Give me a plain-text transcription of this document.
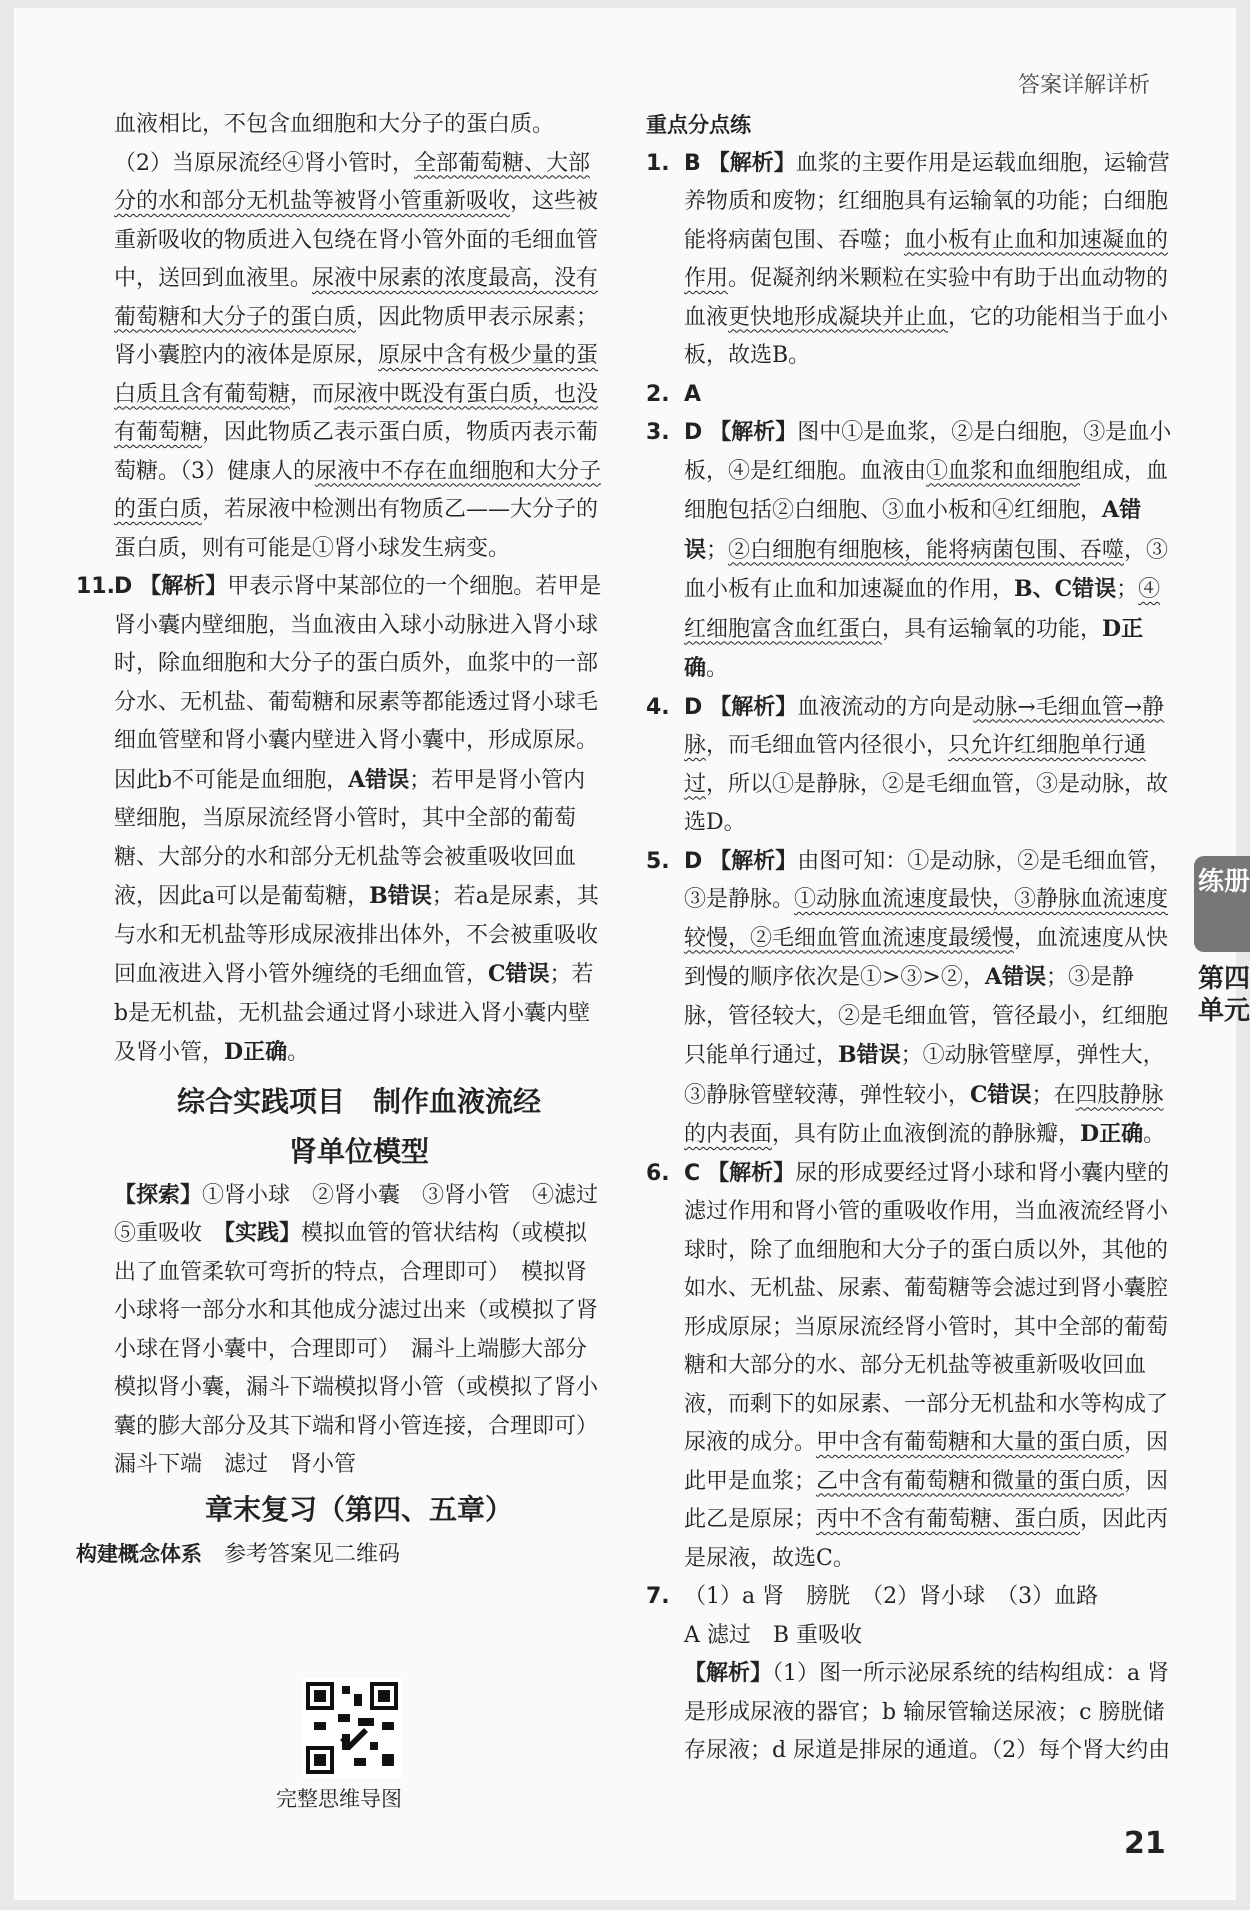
答案详解详析

血液相比，不包含血细胞和大分子的蛋白质。
（2）当原尿流经④肾小管时，全部葡萄糖、大部分的水和部分无机盐等被肾小管重新吸收，这些被重新吸收的物质进入包绕在肾小管外面的毛细血管中，送回到血液里。尿液中尿素的浓度最高，没有葡萄糖和大分子的蛋白质，因此物质甲表示尿素；肾小囊腔内的液体是原尿，原尿中含有极少量的蛋白质且含有葡萄糖，而尿液中既没有蛋白质，也没有葡萄糖，因此物质乙表示蛋白质，物质丙表示葡萄糖。（3）健康人的尿液中不存在血细胞和大分子的蛋白质，若尿液中检测出有物质乙——大分子的蛋白质，则有可能是①肾小球发生病变。

11. D 【解析】甲表示肾中某部位的一个细胞。若甲是肾小囊内壁细胞，当血液由入球小动脉进入肾小球时，除血细胞和大分子的蛋白质外，血浆中的一部分水、无机盐、葡萄糖和尿素等都能透过肾小球毛细血管壁和肾小囊内壁进入肾小囊中，形成原尿。因此b不可能是血细胞，A错误；若甲是肾小管内壁细胞，当原尿流经肾小管时，其中全部的葡萄糖、大部分的水和部分无机盐等会被重吸收回血液，因此a可以是葡萄糖，B错误；若a是尿素，其与水和无机盐等形成尿液排出体外，不会被重吸收回血液进入肾小管外缠绕的毛细血管，C错误；若b是无机盐，无机盐会通过肾小球进入肾小囊内壁及肾小管，D正确。

综合实践项目　制作血液流经
肾单位模型

【探索】①肾小球　②肾小囊　③肾小管　④滤过　⑤重吸收　【实践】模拟血管的管状结构（或模拟出了血管柔软可弯折的特点，合理即可）　模拟肾小球将一部分水和其他成分滤过出来（或模拟了肾小球在肾小囊中，合理即可）　漏斗上端膨大部分模拟肾小囊，漏斗下端模拟肾小管（或模拟了肾小囊的膨大部分及其下端和肾小管连接，合理即可）　漏斗下端　滤过　肾小管

章末复习（第四、五章）

构建概念体系　 参考答案见二维码

完整思维导图

重点分点练

1. B 【解析】血浆的主要作用是运载血细胞，运输营养物质和废物；红细胞具有运输氧的功能；白细胞能将病菌包围、吞噬；血小板有止血和加速凝血的作用。促凝剂纳米颗粒在实验中有助于出血动物的血液更快地形成凝块并止血，它的功能相当于血小板，故选B。

2. A

3. D 【解析】图中①是血浆，②是白细胞，③是血小板，④是红细胞。血液由①血浆和血细胞组成，血细胞包括②白细胞、③血小板和④红细胞，A错误；②白细胞有细胞核，能将病菌包围、吞噬，③血小板有止血和加速凝血的作用，B、C错误；④红细胞富含血红蛋白，具有运输氧的功能，D正确。

4. D 【解析】血液流动的方向是动脉→毛细血管→静脉，而毛细血管内径很小，只允许红细胞单行通过，所以①是静脉，②是毛细血管，③是动脉，故选D。

5. D 【解析】由图可知：①是动脉，②是毛细血管，③是静脉。①动脉血流速度最快，③静脉血流速度较慢，②毛细血管血流速度最缓慢，血流速度从快到慢的顺序依次是①>③>②，A错误；③是静脉，管径较大，②是毛细血管，管径最小，红细胞只能单行通过，B错误；①动脉管壁厚，弹性大，③静脉管壁较薄，弹性较小，C错误；在四肢静脉的内表面，具有防止血液倒流的静脉瓣，D正确。

6. C 【解析】尿的形成要经过肾小球和肾小囊内壁的滤过作用和肾小管的重吸收作用，当血液流经肾小球时，除了血细胞和大分子的蛋白质以外，其他的如水、无机盐、尿素、葡萄糖等会滤过到肾小囊腔形成原尿；当原尿流经肾小管时，其中全部的葡萄糖和大部分的水、部分无机盐等被重新吸收回血液，而剩下的如尿素、一部分无机盐和水等构成了尿液的成分。甲中含有葡萄糖和大量的蛋白质，因此甲是血浆；乙中含有葡萄糖和微量的蛋白质，因此乙是原尿；丙中不含有葡萄糖、蛋白质，因此丙是尿液，故选C。

7. （1）a 肾　膀胱　（2）肾小球　（3）血路
A 滤过　B 重吸收
【解析】（1）图一所示泌尿系统的结构组成：a 肾是形成尿液的器官；b 输尿管输送尿液；c 膀胱储存尿液；d 尿道是排尿的通道。（2）每个肾大约由

练册
第四单元
21
